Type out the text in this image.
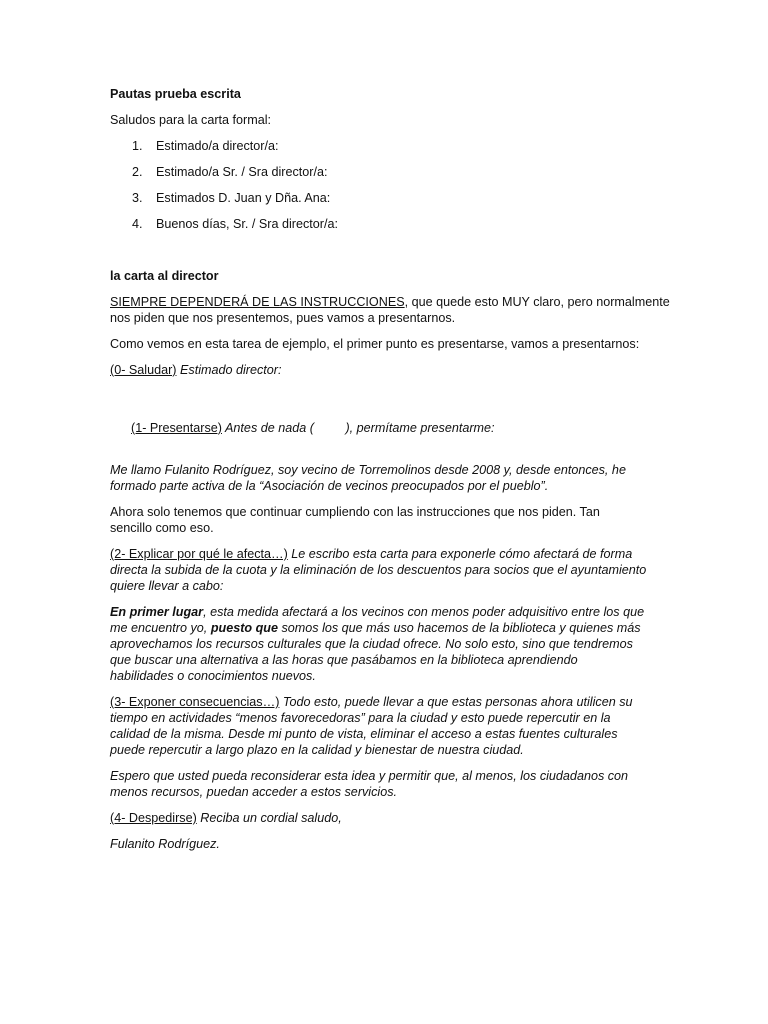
Pautas prueba escrita

Saludos para la carta formal:

1.	Estimado/a director/a:
2.	Estimado/a Sr. / Sra director/a:
3.	Estimados D. Juan y Dña. Ana:
4.	Buenos días, Sr. / Sra director/a:

la carta al director

SIEMPRE DEPENDERÁ DE LAS INSTRUCCIONES, que quede esto MUY claro, pero normalmente
nos piden que nos presentemos, pues vamos a presentarnos.

Como vemos en esta tarea de ejemplo, el primer punto es presentarse, vamos a presentarnos:

(0- Saludar) Estimado director:

(1- Presentarse) Antes de nada (         ), permítame presentarme:

Me llamo Fulanito Rodríguez, soy vecino de Torremolinos desde 2008 y, desde entonces, he
formado parte activa de la “Asociación de vecinos preocupados por el pueblo”.

Ahora solo tenemos que continuar cumpliendo con las instrucciones que nos piden. Tan
sencillo como eso.

(2- Explicar por qué le afecta…) Le escribo esta carta para exponerle cómo afectará de forma
directa la subida de la cuota y la eliminación de los descuentos para socios que el ayuntamiento
quiere llevar a cabo:

En primer lugar, esta medida afectará a los vecinos con menos poder adquisitivo entre los que
me encuentro yo, puesto que somos los que más uso hacemos de la biblioteca y quienes más
aprovechamos los recursos culturales que la ciudad ofrece. No solo esto, sino que tendremos
que buscar una alternativa a las horas que pasábamos en la biblioteca aprendiendo
habilidades o conocimientos nuevos.

(3- Exponer consecuencias…) Todo esto, puede llevar a que estas personas ahora utilicen su
tiempo en actividades “menos favorecedoras” para la ciudad y esto puede repercutir en la
calidad de la misma. Desde mi punto de vista, eliminar el acceso a estas fuentes culturales
puede repercutir a largo plazo en la calidad y bienestar de nuestra ciudad.

Espero que usted pueda reconsiderar esta idea y permitir que, al menos, los ciudadanos con
menos recursos, puedan acceder a estos servicios.

(4- Despedirse) Reciba un cordial saludo,

Fulanito Rodríguez.
